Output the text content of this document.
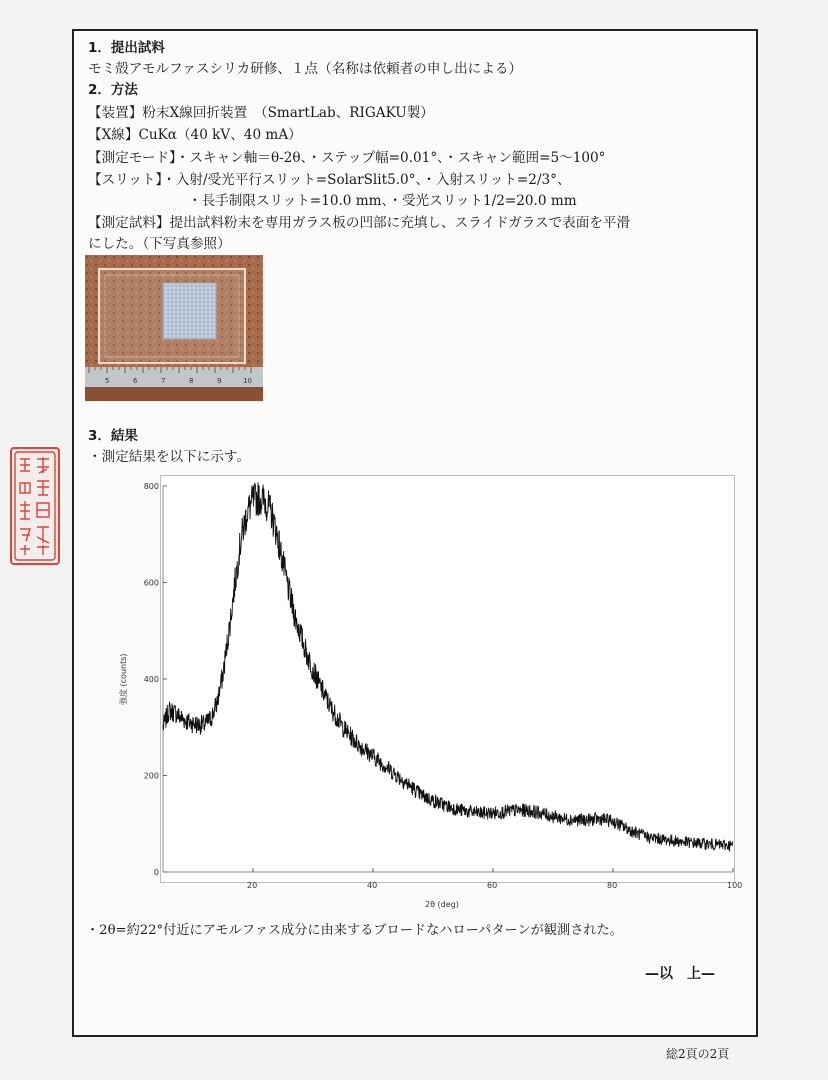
1．提出試料
モミ殻アモルファスシリカ研修、１点（名称は依頼者の申し出による）
2．方法
【装置】粉末X線回折装置　（SmartLab、RIGAKU製）
【X線】CuKα（40 kV、40 mA）
【測定モード】・スキャン軸＝θ-2θ、・ステップ幅=0.01°、・スキャン範囲=5～100°
【スリット】・入射/受光平行スリット=SolarSlit5.0°、・入射スリット=2/3°、
・長手制限スリット=10.0 mm、・受光スリット1/2=20.0 mm
【測定試料】提出試料粉末を専用ガラス板の凹部に充填し、スライドガラスで表面を平滑
にした。（下写真参照）
5	6	7	8	9	10
3．結果
・測定結果を以下に示す。
0
200
400
600
800
・2θ=約22°付近にアモルファス成分に由来するブロードなハローパターンが観測された。
—以　上—
総2頁の2頁
20	40	60	80	100
2θ (deg)
強度 (counts)
